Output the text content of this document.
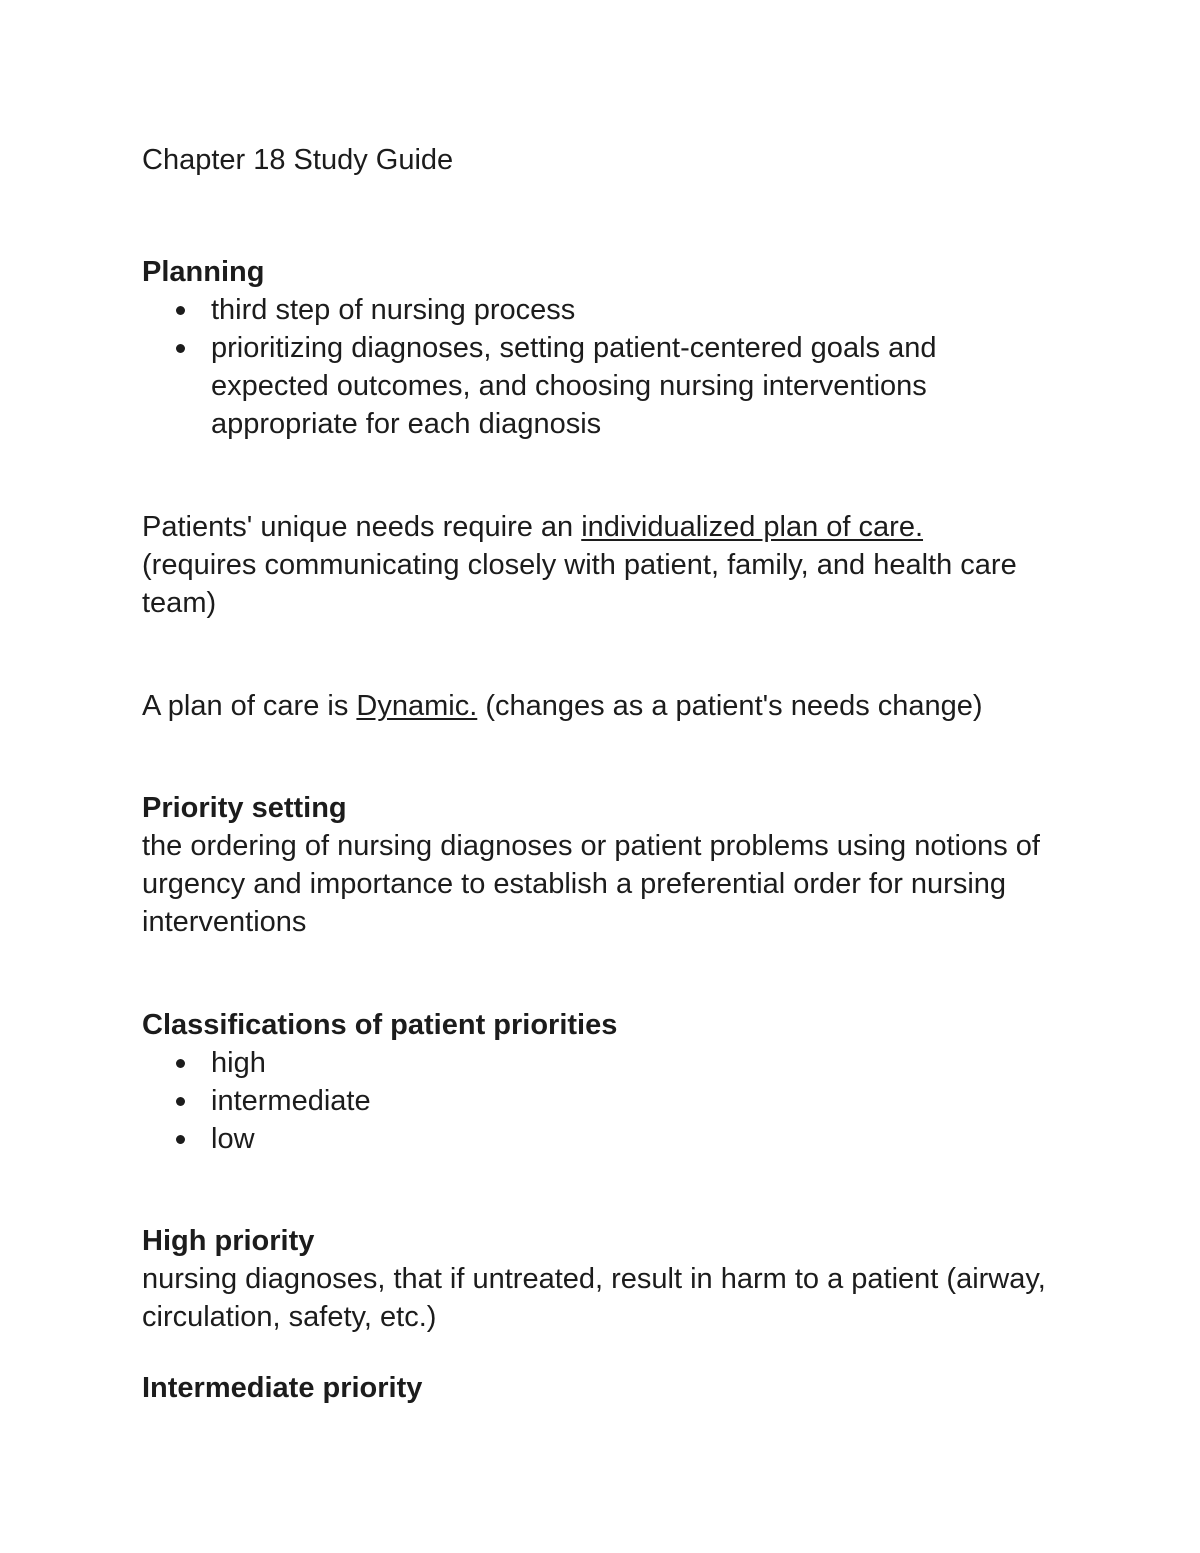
Chapter 18 Study Guide

Planning
third step of nursing process
prioritizing diagnoses, setting patient-centered goals and expected outcomes, and choosing nursing interventions appropriate for each diagnosis

Patients' unique needs require an individualized plan of care.
(requires communicating closely with patient, family, and health care team)

A plan of care is Dynamic. (changes as a patient's needs change)

Priority setting

the ordering of nursing diagnoses or patient problems using notions of urgency and importance to establish a preferential order for nursing interventions

Classifications of patient priorities
high
intermediate
low
High priority

nursing diagnoses, that if untreated, result in harm to a patient (airway, circulation, safety, etc.)

Intermediate priority
